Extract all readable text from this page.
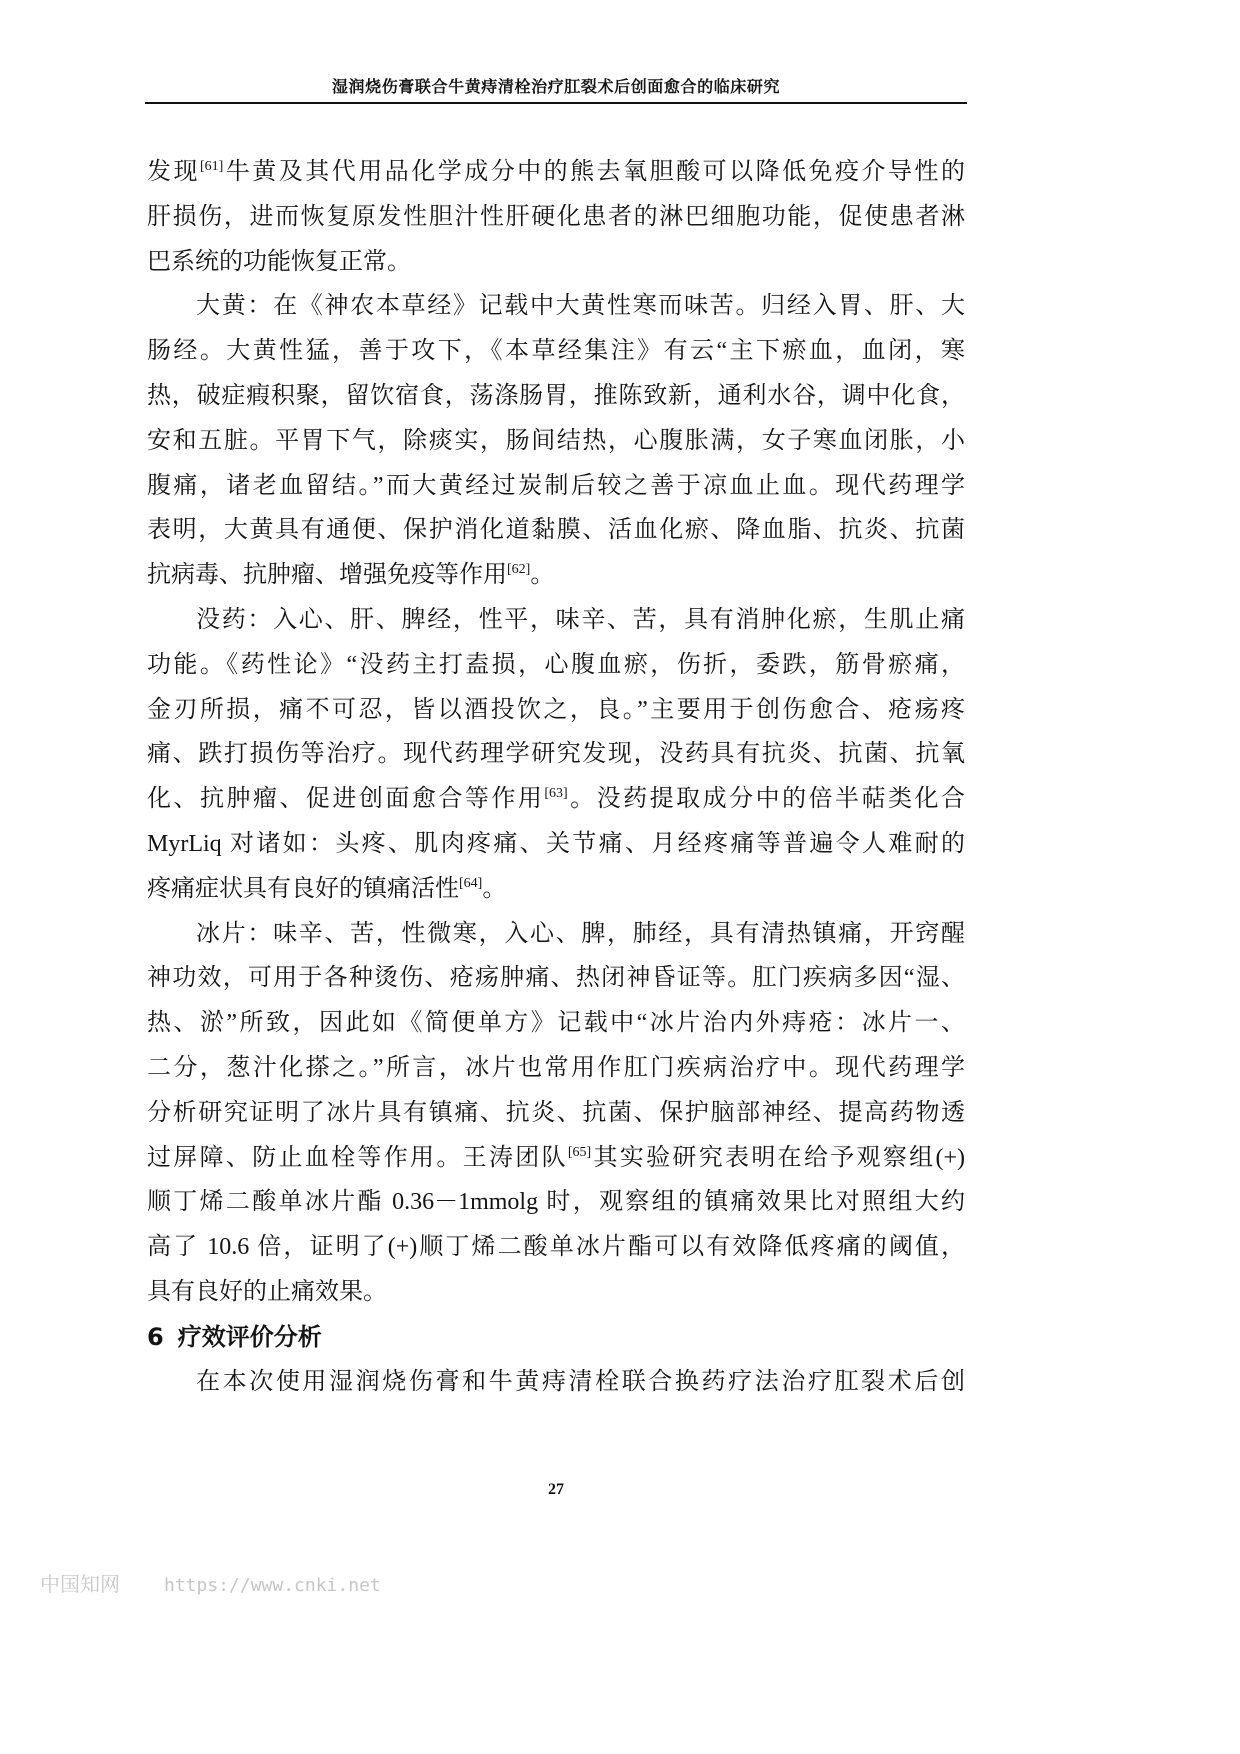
湿润烧伤膏联合牛黄痔清栓治疗肛裂术后创面愈合的临床研究
发现[61]牛黄及其代用品化学成分中的熊去氧胆酸可以降低免疫介导性的
肝损伤，进而恢复原发性胆汁性肝硬化患者的淋巴细胞功能，促使患者淋
巴系统的功能恢复正常。
大黄：在《神农本草经》记载中大黄性寒而味苦。归经入胃、肝、大
肠经。大黄性猛，善于攻下，《本草经集注》有云“主下瘀血，血闭，寒
热，破症瘕积聚，留饮宿食，荡涤肠胃，推陈致新，通利水谷，调中化食，
安和五脏。平胃下气，除痰实，肠间结热，心腹胀满，女子寒血闭胀，小
腹痛，诸老血留结。”而大黄经过炭制后较之善于凉血止血。现代药理学
表明，大黄具有通便、保护消化道黏膜、活血化瘀、降血脂、抗炎、抗菌
抗病毒、抗肿瘤、增强免疫等作用[62]。
没药：入心、肝、脾经，性平，味辛、苦，具有消肿化瘀，生肌止痛
功能。《药性论》“没药主打盍损，心腹血瘀，伤折，委跌，筋骨瘀痛，
金刃所损，痛不可忍，皆以酒投饮之，良。”主要用于创伤愈合、疮疡疼
痛、跌打损伤等治疗。现代药理学研究发现，没药具有抗炎、抗菌、抗氧
化、抗肿瘤、促进创面愈合等作用[63]。没药提取成分中的倍半萜类化合
MyrLiq 对诸如：头疼、肌肉疼痛、关节痛、月经疼痛等普遍令人难耐的
疼痛症状具有良好的镇痛活性[64]。
冰片：味辛、苦，性微寒，入心、脾，肺经，具有清热镇痛，开窍醒
神功效，可用于各种烫伤、疮疡肿痛、热闭神昏证等。肛门疾病多因“湿、
热、淤”所致，因此如《简便单方》记载中“冰片治内外痔疮：冰片一、
二分，葱汁化搽之。”所言，冰片也常用作肛门疾病治疗中。现代药理学
分析研究证明了冰片具有镇痛、抗炎、抗菌、保护脑部神经、提高药物透
过屏障、防止血栓等作用。王涛团队[65]其实验研究表明在给予观察组(+)
顺丁烯二酸单冰片酯 0.36－1mmolg 时，观察组的镇痛效果比对照组大约
高了 10.6 倍，证明了(+)顺丁烯二酸单冰片酯可以有效降低疼痛的阈值，
具有良好的止痛效果。
6 疗效评价分析
在本次使用湿润烧伤膏和牛黄痔清栓联合换药疗法治疗肛裂术后创
27
中国知网 https://www.cnki.net
